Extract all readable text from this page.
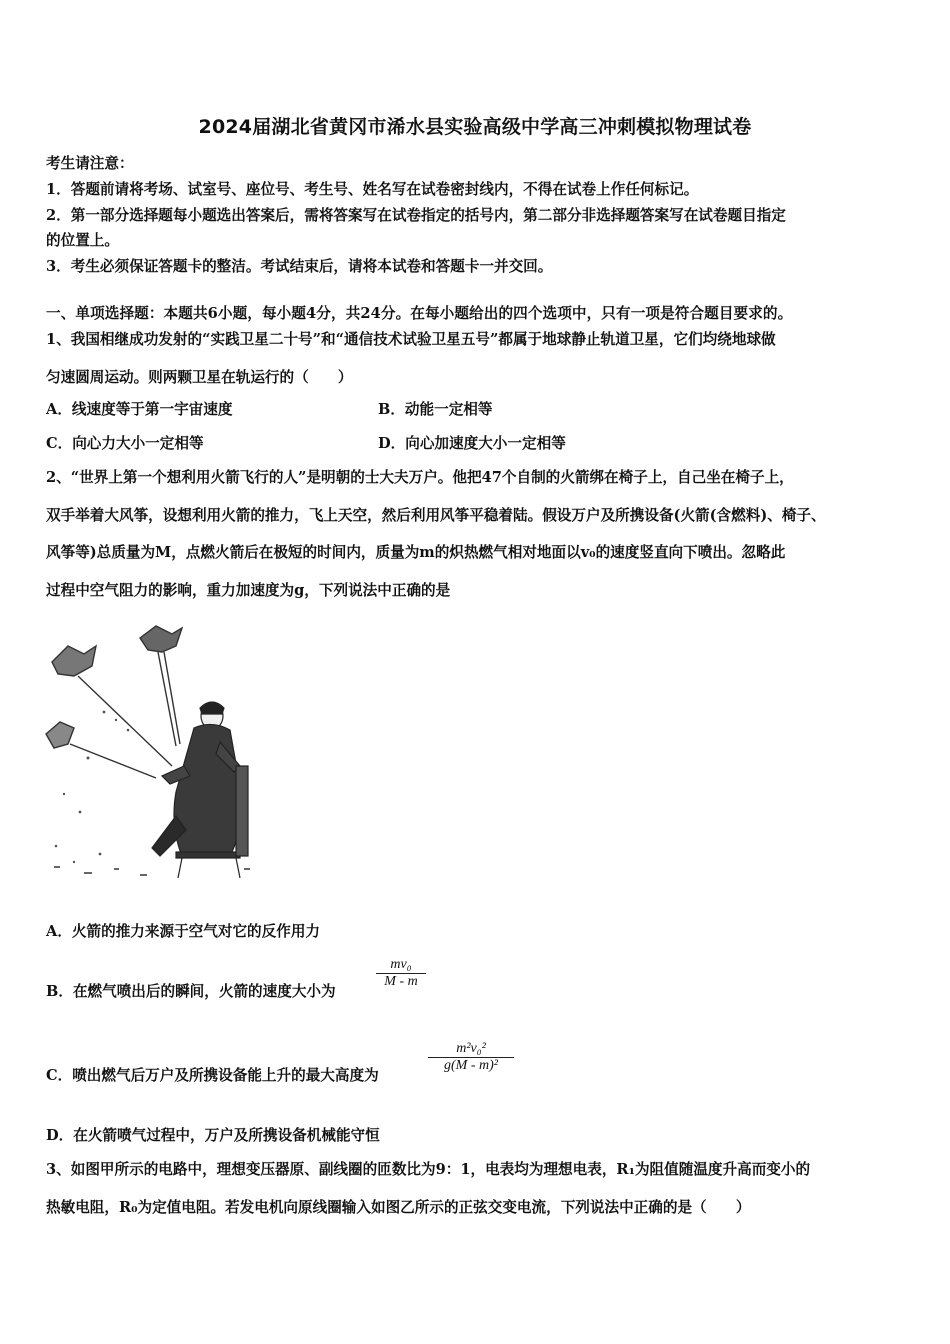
2024届湖北省黄冈市浠水县实验高级中学高三冲刺模拟物理试卷
考生请注意：
1．答题前请将考场、试室号、座位号、考生号、姓名写在试卷密封线内，不得在试卷上作任何标记。
2．第一部分选择题每小题选出答案后，需将答案写在试卷指定的括号内，第二部分非选择题答案写在试卷题目指定
的位置上。
3．考生必须保证答题卡的整洁。考试结束后，请将本试卷和答题卡一并交回。
一、单项选择题：本题共6小题，每小题4分，共24分。在每小题给出的四个选项中，只有一项是符合题目要求的。
1、我国相继成功发射的“实践卫星二十号”和“通信技术试验卫星五号”都属于地球静止轨道卫星，它们均绕地球做
匀速圆周运动。则两颗卫星在轨运行的（　　）
A．线速度等于第一宇宙速度	B．动能一定相等
C．向心力大小一定相等	D．向心加速度大小一定相等
2、“世界上第一个想利用火箭飞行的人”是明朝的士大夫万户。他把47个自制的火箭绑在椅子上，自己坐在椅子上，
双手举着大风筝，设想利用火箭的推力，飞上天空，然后利用风筝平稳着陆。假设万户及所携设备(火箭(含燃料)、椅子、
风筝等)总质量为M，点燃火箭后在极短的时间内，质量为m的炽热燃气相对地面以v₀的速度竖直向下喷出。忽略此
过程中空气阻力的影响，重力加速度为g，下列说法中正确的是
A．火箭的推力来源于空气对它的反作用力
B．在燃气喷出后的瞬间，火箭的速度大小为
mv₀
M - m
C．喷出燃气后万户及所携设备能上升的最大高度为
m²v₀²
g(M - m)²
D．在火箭喷气过程中，万户及所携设备机械能守恒
3、如图甲所示的电路中，理想变压器原、副线圈的匝数比为9：1，电表均为理想电表，R₁为阻值随温度升高而变小的
热敏电阻，R₀为定值电阻。若发电机向原线圈输入如图乙所示的正弦交变电流，下列说法中正确的是（　　）
